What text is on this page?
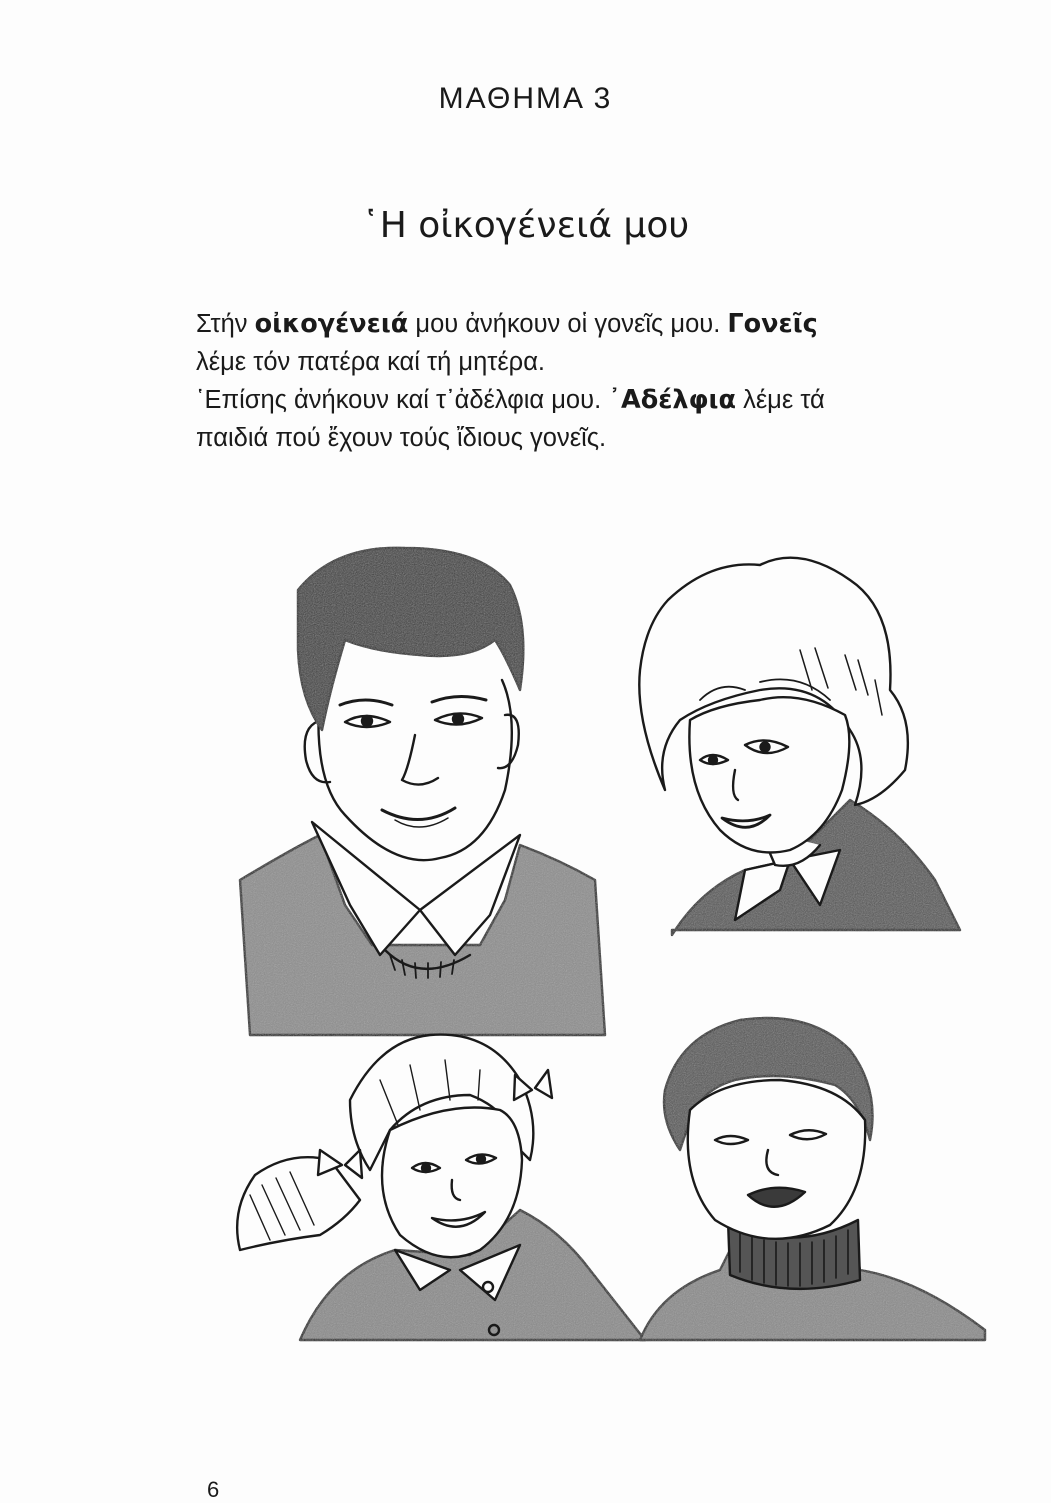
ΜΑΘΗΜΑ 3
῾Η οἰκογένειά μου
Στήν οἰκογένειά μου ἀνήκουν οἱ γονεῖς μου. Γονεῖς
λέμε τόν πατέρα καί τή μητέρα.
῾Επίσης ἀνήκουν καί τ᾽ἀδέλφια μου. ᾽Αδέλφια λέμε τά
παιδιά πού ἔχουν τούς ἴδιους γονεῖς.
6
